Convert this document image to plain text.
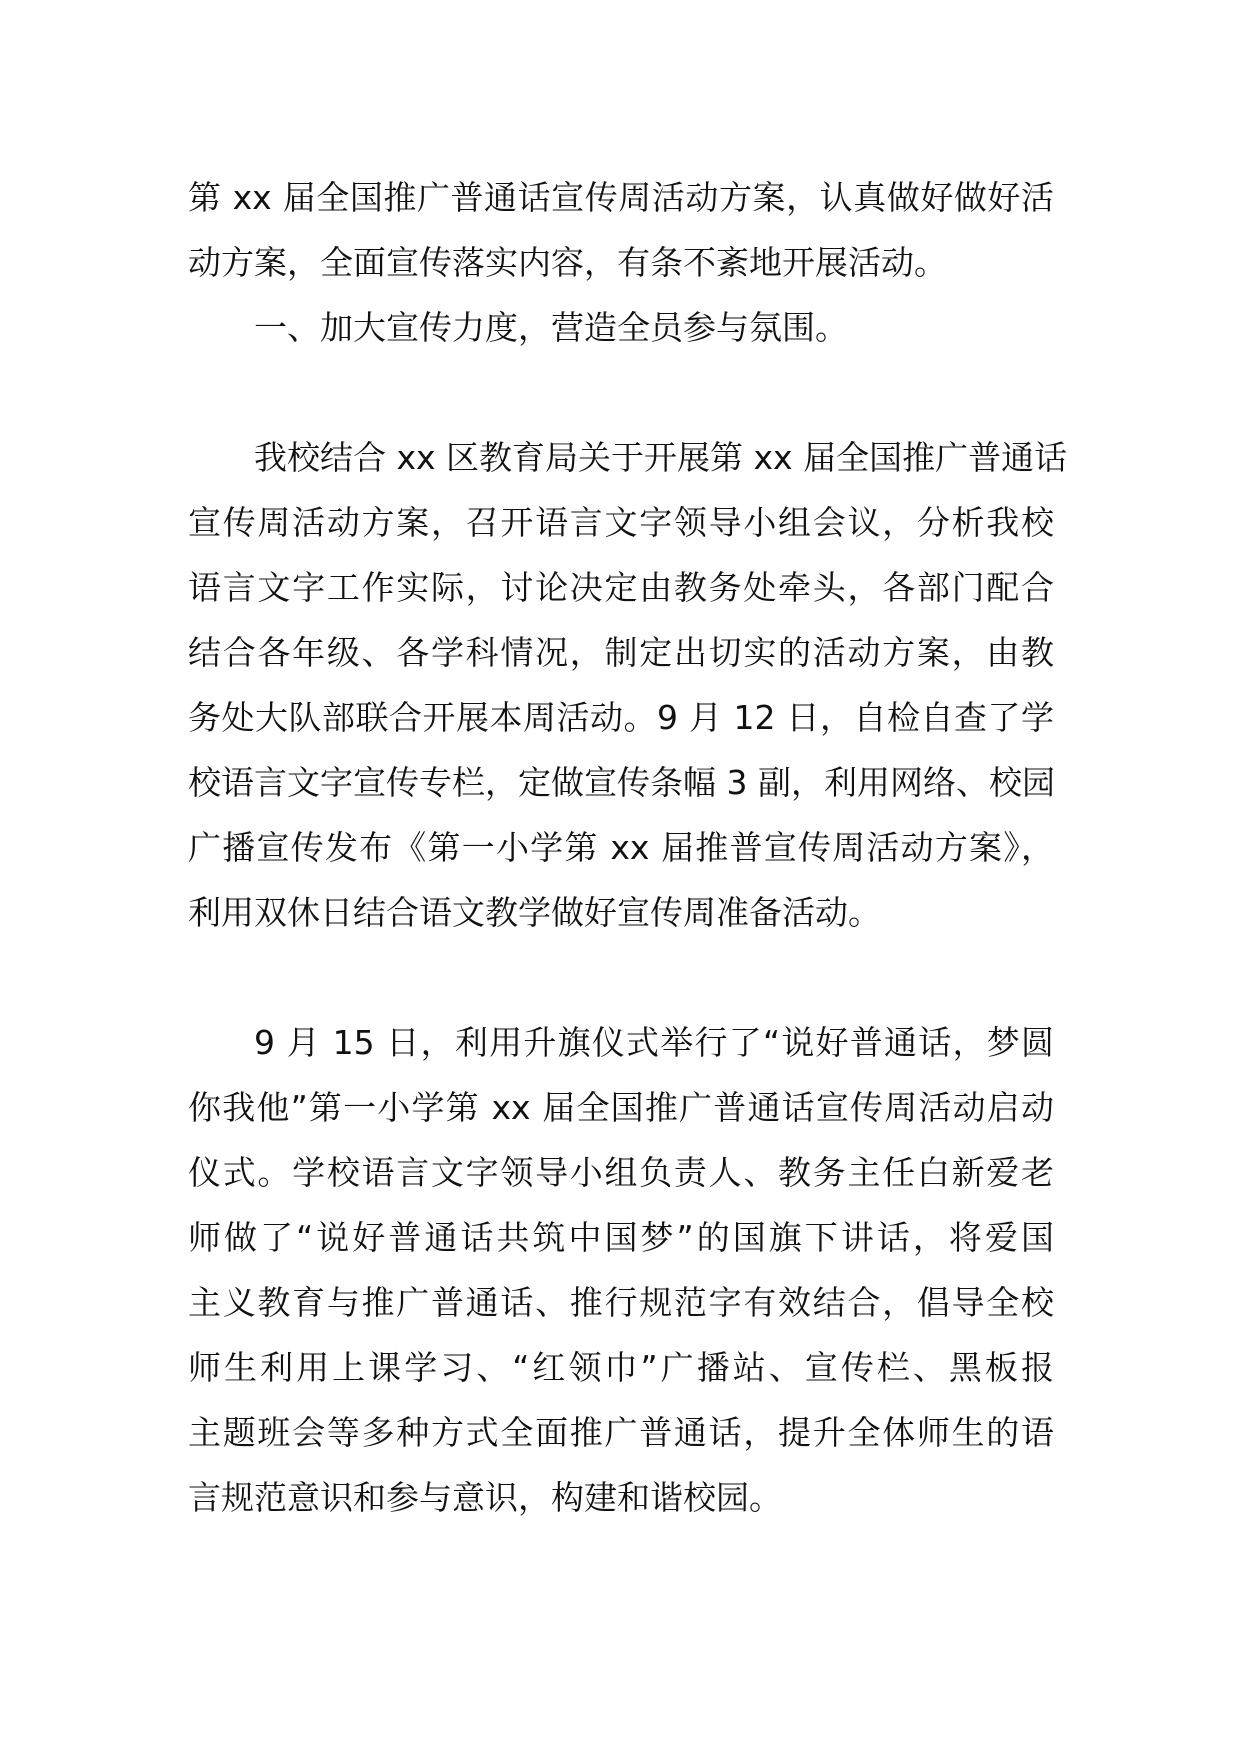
第 xx 届全国推广普通话宣传周活动方案，认真做好做好活
动方案，全面宣传落实内容，有条不紊地开展活动。

一、加大宣传力度，营造全员参与氛围。

我校结合 xx 区教育局关于开展第 xx 届全国推广普通话
宣传周活动方案，召开语言文字领导小组会议，分析我校
语言文字工作实际，讨论决定由教务处牵头，各部门配合
结合各年级、各学科情况，制定出切实的活动方案，由教
务处大队部联合开展本周活动。9 月 12 日，自检自查了学
校语言文字宣传专栏，定做宣传条幅 3 副，利用网络、校园
广播宣传发布《第一小学第 xx 届推普宣传周活动方案》，
利用双休日结合语文教学做好宣传周准备活动。

9 月 15 日，利用升旗仪式举行了“说好普通话，梦圆
你我他”第一小学第 xx 届全国推广普通话宣传周活动启动
仪式。学校语言文字领导小组负责人、教务主任白新爱老
师做了“说好普通话共筑中国梦”的国旗下讲话，将爱国
主义教育与推广普通话、推行规范字有效结合，倡导全校
师生利用上课学习、“红领巾”广播站、宣传栏、黑板报
主题班会等多种方式全面推广普通话，提升全体师生的语
言规范意识和参与意识，构建和谐校园。
